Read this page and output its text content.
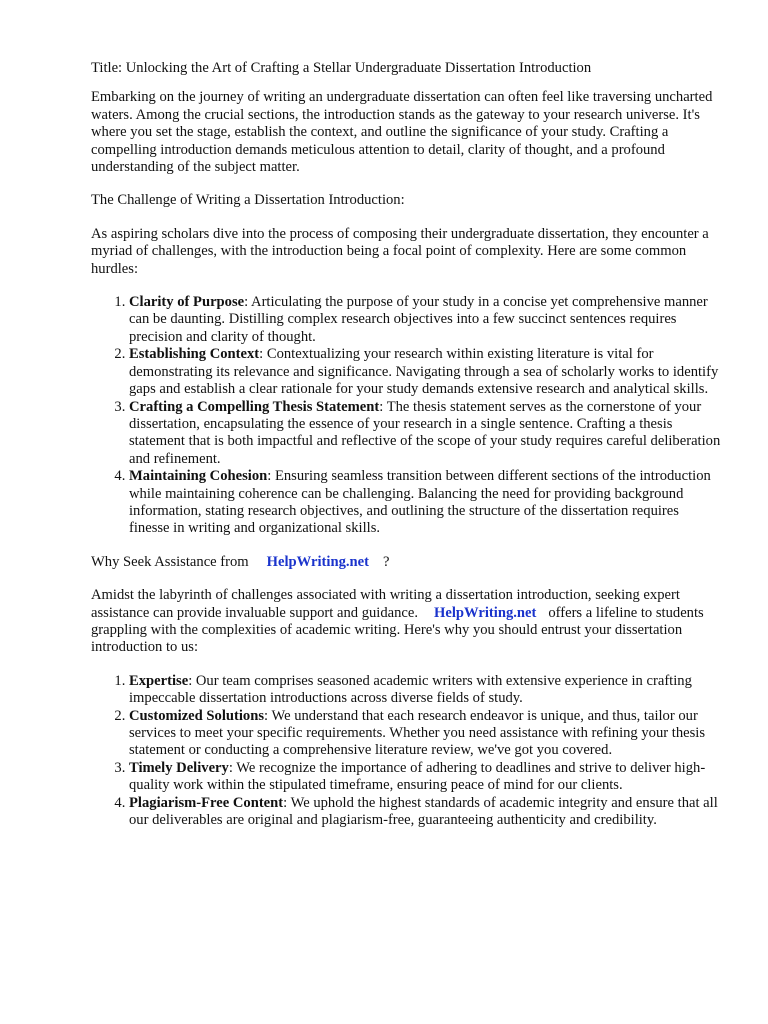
Title: Unlocking the Art of Crafting a Stellar Undergraduate Dissertation Introduction

Embarking on the journey of writing an undergraduate dissertation can often feel like traversing uncharted waters. Among the crucial sections, the introduction stands as the gateway to your research universe. It's where you set the stage, establish the context, and outline the significance of your study. Crafting a compelling introduction demands meticulous attention to detail, clarity of thought, and a profound understanding of the subject matter.

The Challenge of Writing a Dissertation Introduction:

As aspiring scholars dive into the process of composing their undergraduate dissertation, they encounter a myriad of challenges, with the introduction being a focal point of complexity. Here are some common hurdles:

1. Clarity of Purpose: Articulating the purpose of your study in a concise yet comprehensive manner can be daunting. Distilling complex research objectives into a few succinct sentences requires precision and clarity of thought.
2. Establishing Context: Contextualizing your research within existing literature is vital for demonstrating its relevance and significance. Navigating through a sea of scholarly works to identify gaps and establish a clear rationale for your study demands extensive research and analytical skills.
3. Crafting a Compelling Thesis Statement: The thesis statement serves as the cornerstone of your dissertation, encapsulating the essence of your research in a single sentence. Crafting a thesis statement that is both impactful and reflective of the scope of your study requires careful deliberation and refinement.
4. Maintaining Cohesion: Ensuring seamless transition between different sections of the introduction while maintaining coherence can be challenging. Balancing the need for providing background information, stating research objectives, and outlining the structure of the dissertation requires finesse in writing and organizational skills.

Why Seek Assistance from HelpWriting.net ?

Amidst the labyrinth of challenges associated with writing a dissertation introduction, seeking expert assistance can provide invaluable support and guidance. HelpWriting.net offers a lifeline to students grappling with the complexities of academic writing. Here's why you should entrust your dissertation introduction to us:

1. Expertise: Our team comprises seasoned academic writers with extensive experience in crafting impeccable dissertation introductions across diverse fields of study.
2. Customized Solutions: We understand that each research endeavor is unique, and thus, tailor our services to meet your specific requirements. Whether you need assistance with refining your thesis statement or conducting a comprehensive literature review, we've got you covered.
3. Timely Delivery: We recognize the importance of adhering to deadlines and strive to deliver high-quality work within the stipulated timeframe, ensuring peace of mind for our clients.
4. Plagiarism-Free Content: We uphold the highest standards of academic integrity and ensure that all our deliverables are original and plagiarism-free, guaranteeing authenticity and credibility.
